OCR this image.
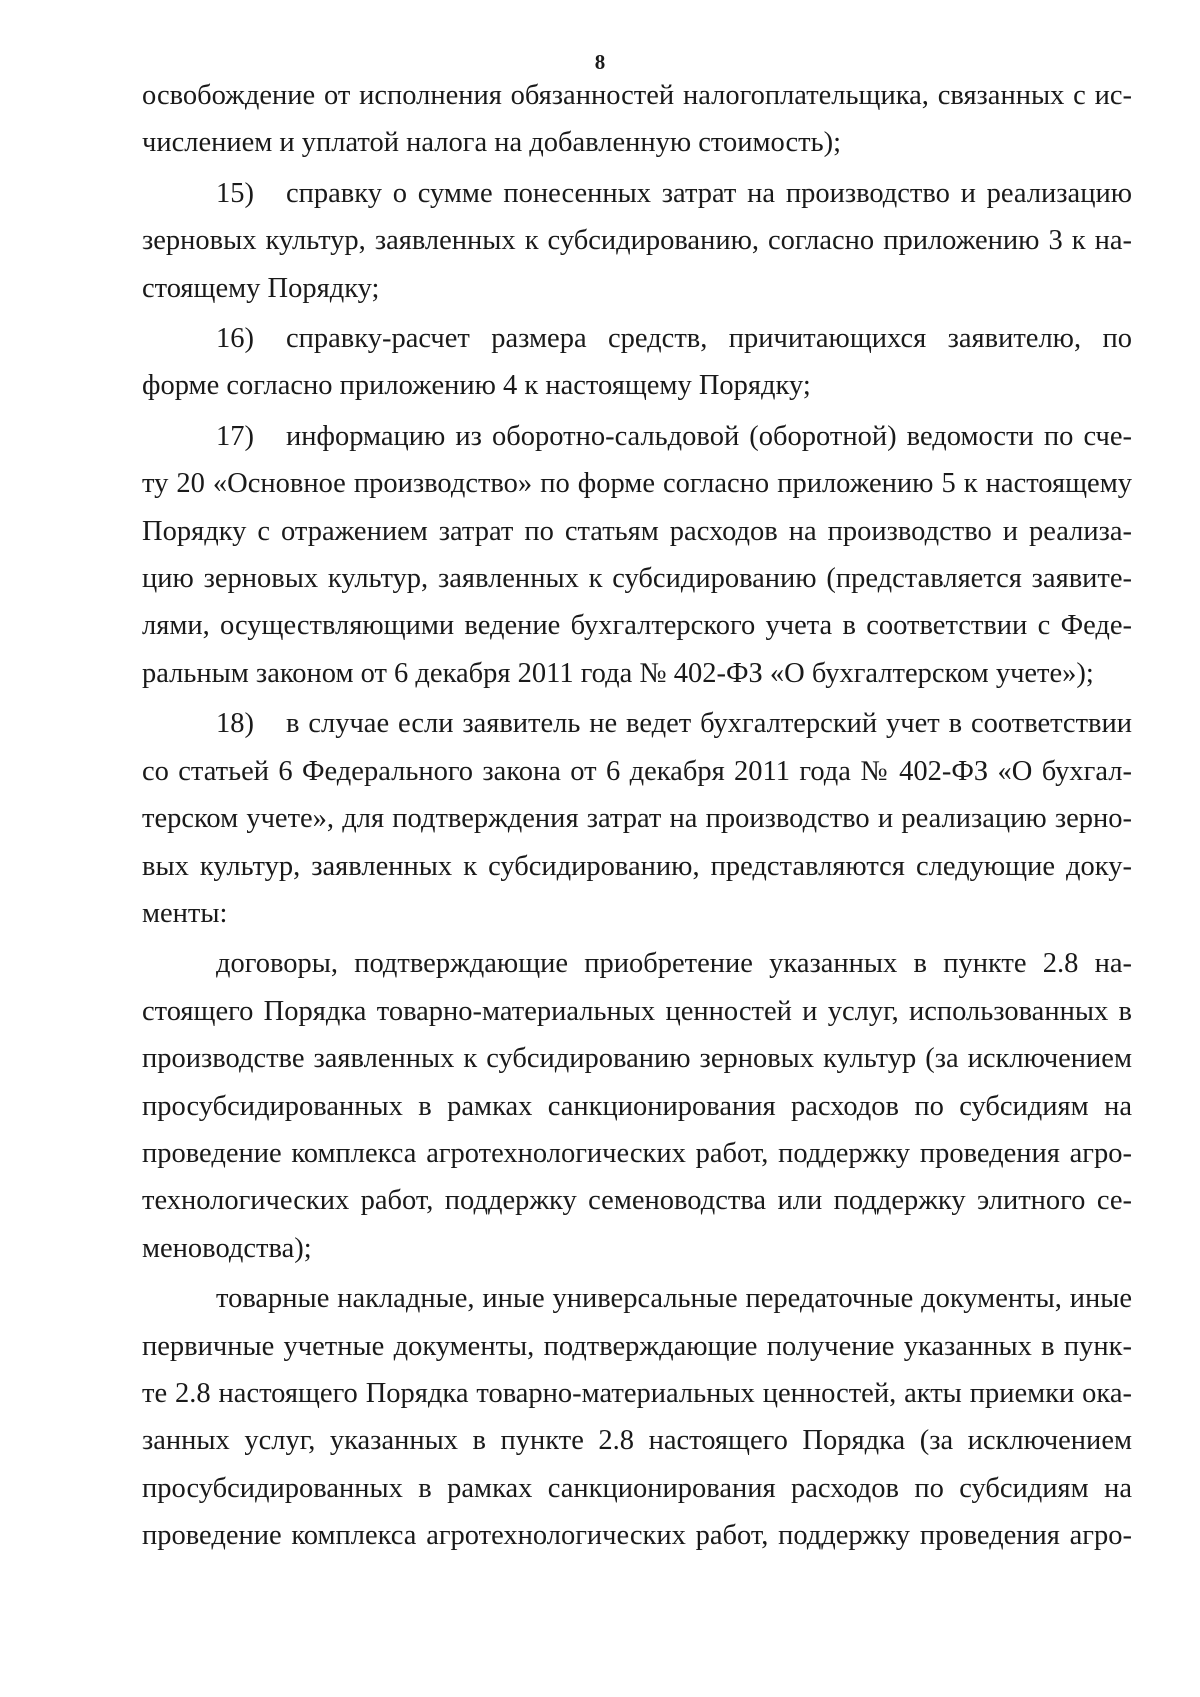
8
освобождение от исполнения обязанностей налогоплательщика, связанных с ис-
числением и уплатой налога на добавленную стоимость);
15) справку о сумме понесенных затрат на производство и реализацию
зерновых культур, заявленных к субсидированию, согласно приложению 3 к на-
стоящему Порядку;
16) справку-расчет размера средств, причитающихся заявителю, по
форме согласно приложению 4 к настоящему Порядку;
17) информацию из оборотно-сальдовой (оборотной) ведомости по сче-
ту 20 «Основное производство» по форме согласно приложению 5 к настоящему
Порядку с отражением затрат по статьям расходов на производство и реализа-
цию зерновых культур, заявленных к субсидированию (представляется заявите-
лями, осуществляющими ведение бухгалтерского учета в соответствии с Феде-
ральным законом от 6 декабря 2011 года № 402-ФЗ «О бухгалтерском учете»);
18) в случае если заявитель не ведет бухгалтерский учет в соответствии
со статьей 6 Федерального закона от 6 декабря 2011 года № 402-ФЗ «О бухгал-
терском учете», для подтверждения затрат на производство и реализацию зерно-
вых культур, заявленных к субсидированию, представляются следующие доку-
менты:
договоры, подтверждающие приобретение указанных в пункте 2.8 на-
стоящего Порядка товарно-материальных ценностей и услуг, использованных в
производстве заявленных к субсидированию зерновых культур (за исключением
просубсидированных в рамках санкционирования расходов по субсидиям на
проведение комплекса агротехнологических работ, поддержку проведения агро-
технологических работ, поддержку семеноводства или поддержку элитного се-
меноводства);
товарные накладные, иные универсальные передаточные документы, иные
первичные учетные документы, подтверждающие получение указанных в пунк-
те 2.8 настоящего Порядка товарно-материальных ценностей, акты приемки ока-
занных услуг, указанных в пункте 2.8 настоящего Порядка (за исключением
просубсидированных в рамках санкционирования расходов по субсидиям на
проведение комплекса агротехнологических работ, поддержку проведения агро-
